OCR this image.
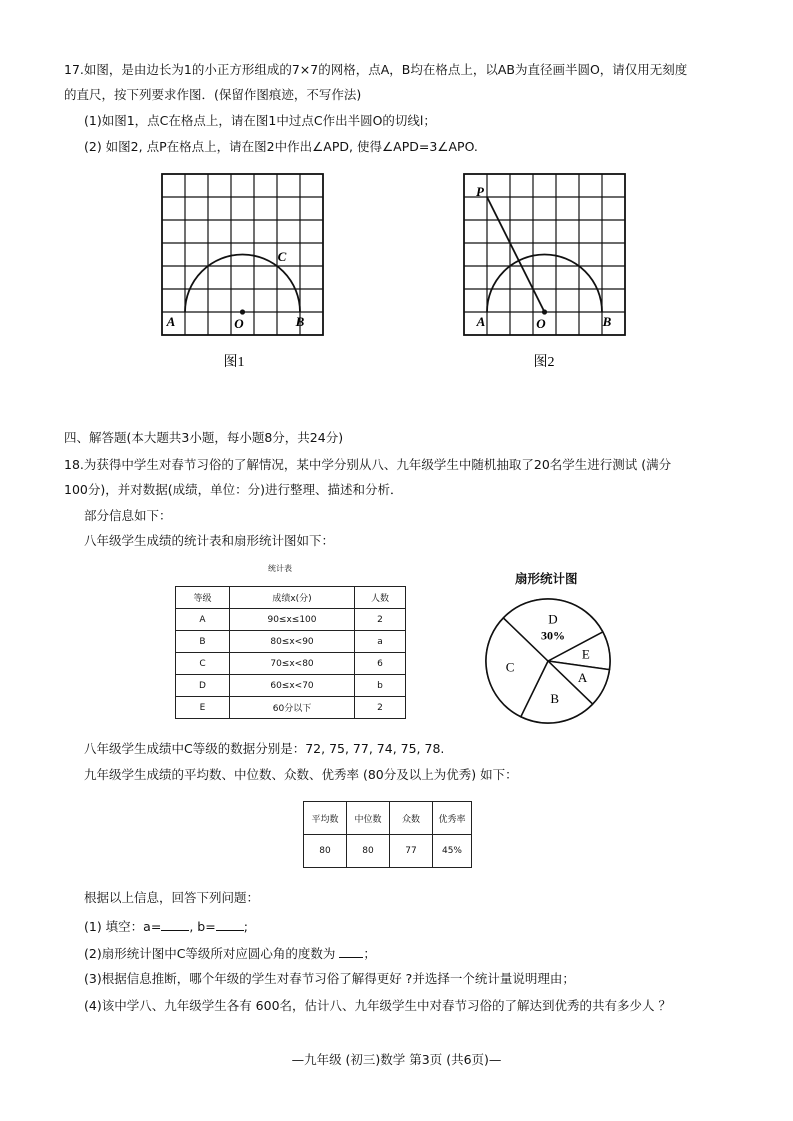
17.如图，是由边长为1的小正方形组成的7×7的网格，点A，B均在格点上，以AB为直径画半圆O，请仅用无刻度
的直尺，按下列要求作图．(保留作图痕迹，不写作法)
(1)如图1，点C在格点上，请在图1中过点C作出半圆O的切线l；
(2) 如图2, 点P在格点上，请在图2中作出∠APD, 使得∠APD=3∠APO.
A	O	B
C
图1
P
A	O	B
图2
四、解答题(本大题共3小题，每小题8分，共24分)
18.为获得中学生对春节习俗的了解情况，某中学分别从八、九年级学生中随机抽取了20名学生进行测试 (满分
100分)，并对数据(成绩，单位：分)进行整理、描述和分析．
部分信息如下：
八年级学生成绩的统计表和扇形统计图如下：
统计表
等级	成绩x(分)	人数
A	90≤x≤100	2
B	80≤x<90	a
C	70≤x<80	6
D	60≤x<70	b
E	60分以下	2
扇形统计图
E
A
B
C
D
30%
八年级学生成绩中C等级的数据分别是：72, 75, 77, 74, 75, 78.
九年级学生成绩的平均数、中位数、众数、优秀率 (80分及以上为优秀) 如下：
平均数	中位数	众数	优秀率
80	80	77	45%
根据以上信息，回答下列问题：
(1) 填空：a= , b= ;
(2)扇形统计图中C等级所对应圆心角的度数为 ；
(3)根据信息推断，哪个年级的学生对春节习俗了解得更好 ?并选择一个统计量说明理由；
(4)该中学八、九年级学生各有 600名，估计八、九年级学生中对春节习俗的了解达到优秀的共有多少人 ？
—九年级 (初三)数学 第3页 (共6页)—
